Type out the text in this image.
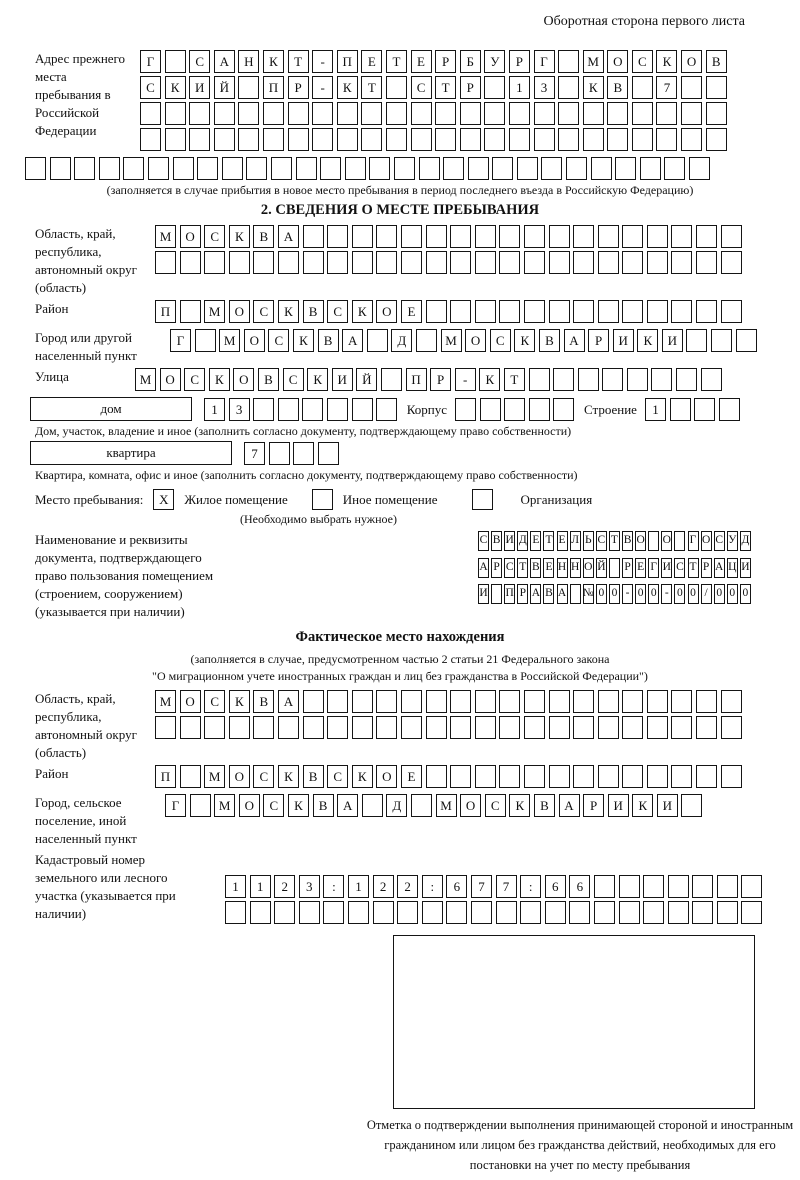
Оборотная сторона первого листа
Адрес прежнего места пребывания в Российской Федерации
Г	С	А	Н	К	Т	-	П	Е	Т	Е	Р	Б	У	Р	Г	М	О	С	К	О	В
С	К	И	Й	П	Р	-	К	Т	С	Т	Р	1	3	К	В	7
(заполняется в случае прибытия в новое место пребывания в период последнего въезда в Российскую Федерацию)
2. СВЕДЕНИЯ О МЕСТЕ ПРЕБЫВАНИЯ
Область, край, республика, автономный округ (область)
М	О	С	К	В	А
Район	П	М	О	С	К	В	С	К	О	Е
Город или другой населенный пункт
Г	М	О	С	К	В	А	Д	М	О	С	К	В	А	Р	И	К	И
Улица	М	О	С	К	О	В	С	К	И	Й	П	Р	-	К	Т
дом	1	3	Корпус	Строение	1
Дом, участок, владение и иное (заполнить согласно документу, подтверждающему право собственности)
квартира	7
Квартира, комната, офис и иное (заполнить согласно документу, подтверждающему право собственности)
Место пребывания:	X	Жилое помещение	Иное помещение	Организация
(Необходимо выбрать нужное)
Наименование и реквизиты документа, подтверждающего право пользования помещением (строением, сооружением) (указывается при наличии)
С В И Д Е Т Е Л Ь С Т В О О Г О С У Д
А Р С Т В Е Н Н О Й Р Е Г И С Т Р А Ц И
И П Р А В А № 0 0 - 0 0 - 0 0 / 0 0 0
Фактическое место нахождения
(заполняется в случае, предусмотренном частью 2 статьи 21 Федерального закона
"О миграционном учете иностранных граждан и лиц без гражданства в Российской Федерации")
Область, край, республика, автономный округ (область)
М	О	С	К	В	А
Район	П	М	О	С	К	В	С	К	О	Е
Город, сельское поселение, иной населенный пункт
Г	М	О	С	К	В	А	Д	М	О	С	К	В	А	Р	И	К	И
Кадастровый номер земельного или лесного участка (указывается при наличии)
1	1	2	3	:	1	2	2	:	6	7	7	:	6	6
Отметка о подтверждении выполнения принимающей стороной и иностранным гражданином или лицом без гражданства действий, необходимых для его постановки на учет по месту пребывания
